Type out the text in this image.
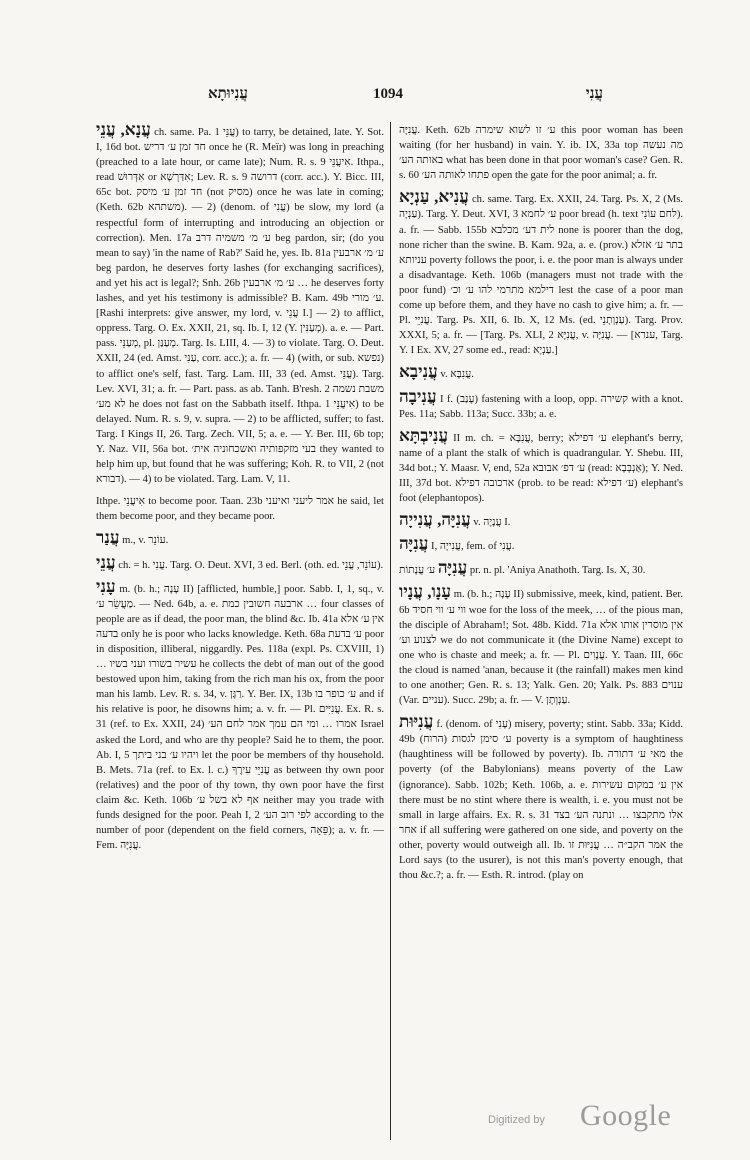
עֲנִיוּתָא	1094	עֲנִי

עֲנָא, עֲנֵי ch. same. Pa. עֲנֵּי 1) to tarry, be detained, late. Y. Sot. I, 16d bot. חד זמן ע׳ דריש once he (R. Meïr) was long in preaching (preached to a late hour, or came late); Num. R. s. 9 אִיעֲנֵּי. Ithpa., read אִדְּרוּשׁ or אִדַּרְשָׁא; Lev. R. s. 9 דרושה (corr. acc.). Y. Bicc. III, 65c bot. חד זמן ע׳ מיסק (not מסיק) once he was late in coming; (Keth. 62b משתהא). — 2) (denom. of עֲנִי) be slow, my lord (a respectful form of interrupting and introducing an objection or correction). Men. 17a ע׳ מ׳ משמיה דרב beg pardon, sir; (do you mean to say) 'in the name of Rab?' Said he, yes. Ib. 81a ע׳ מ׳ ארבעין beg pardon, he deserves forty lashes (for exchanging sacrifices), and yet his act is legal?; Snh. 26b ע׳ מ׳ ארבעין … he deserves forty lashes, and yet his testimony is admissible? B. Kam. 49b ע׳ מורי. [Rashi interprets: give answer, my lord, v. עֲנֵי I.] — 2) to afflict, oppress. Targ. O. Ex. XXII, 21, sq. Ib. I, 12 (Y. מְעַנִּין). a. e. — Part. pass. מְעַנֵּי, pl. מְעַנַּן. Targ. Is. LIII, 4. — 3) to violate. Targ. O. Deut. XXII, 24 (ed. Amst. עַנִּי, corr. acc.); a. fr. — 4) (with, or sub. נפשא) to afflict one's self, fast. Targ. Lam. III, 33 (ed. Amst. עֲנֵּי). Targ. Lev. XVI, 31; a. fr. — Part. pass. as ab. Tanh. B'resh. 2 משבת נשמה לא מע׳ he does not fast on the Sabbath itself. Ithpa. אִיעֲנֵּי 1) to be delayed. Num. R. s. 9, v. supra. — 2) to be afflicted, suffer; to fast. Targ. I Kings II, 26. Targ. Zech. VII, 5; a. e. — Y. Ber. III, 6b top; Y. Naz. VII, 56a bot. בעי מזקפותיה ואשכחוניה אית׳ they wanted to help him up, but found that he was suffering; Koh. R. to VII, 2 (not דבורא). — 4) to be violated. Targ. Lam. V, 11.

Ithpe. אִיעֲנֵי to become poor. Taan. 23b אמר ליעני ואיעני he said, let them become poor, and they became poor.

עֲנַר m., v. עוֹנֵר.

עֲנֵי ch. = h. עֲנִי. Targ. O. Deut. XVI, 3 ed. Berl. (oth. ed. עוֹנֵר, עֲנֵי).

עָנִי m. (b. h.; עָנָה II) [afflicted, humble,] poor. Sabb. I, 1, sq., v. מַעֲשֵׂר ע׳. — Ned. 64b, a. e. ארבעה חשובין כמת … four classes of people are as if dead, the poor man, the blind &c. Ib. 41a אין ע׳ אלא בדעה only he is poor who lacks knowledge. Keth. 68a ע׳ בדעת poor in disposition, illiberal, niggardly. Pes. 118a (expl. Ps. CXVIII, 1) … עשיר בשורו ועני בשיו he collects the debt of man out of the good bestowed upon him, taking from the rich man his ox, from the poor man his lamb. Lev. R. s. 34, v. רַגָּן. Y. Ber. IX, 13b ע׳ כופר בו and if his relative is poor, he disowns him; a. v. fr. — Pl. עֲנִיִּים. Ex. R. s. 31 (ref. to Ex. XXII, 24) אמרו … ומי הם עמך אמר לחם הע׳ Israel asked the Lord, and who are thy people? Said he to them, the poor. Ab. I, 5 ויהיו ע׳ בני ביתך let the poor be members of thy household. B. Mets. 71a (ref. to Ex. l. c.) עֲנִיֵּי עִירֶךָ as between thy own poor (relatives) and the poor of thy town, thy own poor have the first claim &c. Keth. 106b אף לא בשל ע׳ neither may you trade with funds designed for the poor. Peah I, 2 לפי רוב הע׳ according to the number of poor (dependent on the field corners, פֵּאָה); a. v. fr. — Fem. עֲנִיָּה.

עֲנִיָּה. Keth. 62b ע׳ זו לשוא שימרה this poor woman has been waiting (for her husband) in vain. Y. ib. IX, 33a top מה נעשה באותה הע׳ what has been done in that poor woman's case? Gen. R. s. 60 פתחו לאותה הע׳ open the gate for the poor animal; a. fr.

עֲנִיא, עַנְיָא ch. same. Targ. Ex. XXII, 24. Targ. Ps. X, 2 (Ms. עַנְיָה). Targ. Y. Deut. XVI, 3 ע׳ לחמא poor bread (h. text לחם עוֹנִי). a. fr. — Sabb. 155b לית דע׳ מכלבא none is poorer than the dog, none richer than the swine. B. Kam. 92a, a. e. (prov.) בתר ע׳ אזלא עניותא poverty follows the poor, i. e. the poor man is always under a disadvantage. Keth. 106b (managers must not trade with the poor fund) דילמא מתרמי להו ע׳ וכ׳ lest the case of a poor man come up before them, and they have no cash to give him; a. fr. — Pl. עֲנִיֵּי. Targ. Ps. XII, 6. Ib. X, 12 Ms. (ed. עַנְוְתָנֵי). Targ. Prov. XXXI, 5; a. fr. — [Targ. Ps. XLI, 2 עֲנִיָּא, v. עֲנִיָּה. — [ענרא, Targ. Y. I Ex. XV, 27 some ed., read: עַנְיָא.]

עֲנִיבָא v. עֲנִבָּא.

עֲנִיבָה I f. (עָנַב) fastening with a loop, opp. קשירה with a knot. Pes. 11a; Sabb. 113a; Succ. 33b; a. e.

עֲנִיבְתָּא II m. ch. = עֲנִבָּא, berry; ע׳ דפילא elephant's berry, name of a plant the stalk of which is quadrangular. Y. Shebu. III, 34d bot.; Y. Maasr. V, end, 52a ע׳ דפ׳ אבובא (read: אַנְבְּבָא); Y. Ned. III, 37d bot. ארכובה דפילא (prob. to be read: ע׳ דפילא) elephant's foot (elephantopos).

עֲנִיָּה, עֲנִייָה v. עֲנָיָה I.

עֲנִיָּה I, עֲנִייָה, fem. of עֲנִי.

עֲנִיָּה ע׳ עֲנָתוֹת pr. n. pl. 'Aniya Anathoth. Targ. Is. X, 30.

עָנָו, עֲנָיו m. (b. h.; עָנָה II) submissive, meek, kind, patient. Ber. 6b ווי ע׳ ווי חסיד woe for the loss of the meek, … of the pious man, the disciple of Abraham!; Sot. 48b. Kidd. 71a אין מוסרין אותו אלא לצנוע וע׳ we do not communicate it (the Divine Name) except to one who is chaste and meek; a. fr. — Pl. עֲנָוִים. Y. Taan. III, 66c the cloud is named 'anan, because it (the rainfall) makes men kind to one another; Gen. R. s. 13; Yalk. Gen. 20; Yalk. Ps. 883 ענוים (Var. עניים). Succ. 29b; a. fr. — V. עַנְוְתָן.

עֲנִיּוּת f. (denom. of עָנִי) misery, poverty; stint. Sabb. 33a; Kidd. 49b ע׳ סימן לגסות (הרוח) poverty is a symptom of haughtiness (haughtiness will be followed by poverty). Ib. מאי ע׳ דתורה the poverty (of the Babylonians) means poverty of the Law (ignorance). Sabb. 102b; Keth. 106b, a. e. אין ע׳ במקום עשירות there must be no stint where there is wealth, i. e. you must not be small in large affairs. Ex. R. s. 31 אלו מתקבצו … ונתנה הע׳ בצד אחר if all suffering were gathered on one side, and poverty on the other, poverty would outweigh all. Ib. אמר הקב״ה … עֲנִיּוּת זו the Lord says (to the usurer), is not this man's poverty enough, that thou &c.?; a. fr. — Esth. R. introd. (play on

Digitized by Google
